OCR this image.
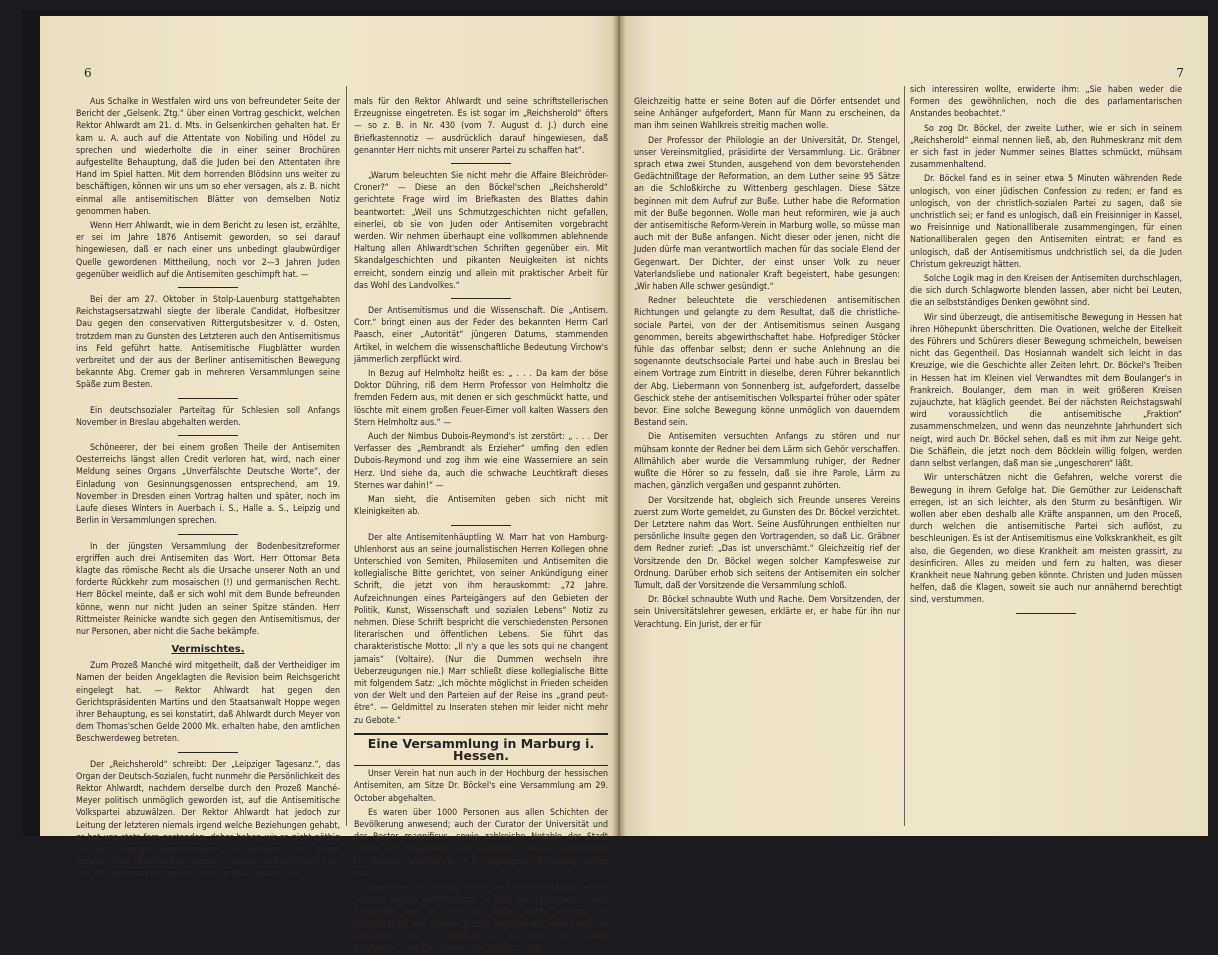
6

Aus Schalke in Westfalen wird uns von befreundeter Seite der Bericht der „Gelsenk. Ztg.“ über einen Vortrag geschickt, welchen Rektor Ahlwardt am 21. d. Mts. in Gelsenkirchen gehalten hat. Er kam u. A. auch auf die Attentate von Nobiling und Hödel zu sprechen und wiederholte die in einer seiner Brochüren aufgestellte Behauptung, daß die Juden bei den Attentaten ihre Hand im Spiel hatten. Mit dem horrenden Blödsinn uns weiter zu beschäftigen, können wir uns um so eher versagen, als z. B. nicht einmal alle antisemitischen Blätter von demselben Notiz genommen haben.

Wenn Herr Ahlwardt, wie in dem Bericht zu lesen ist, erzählte, er sei im Jahre 1876 Antisemit geworden, so sei darauf hingewiesen, daß er nach einer uns unbedingt glaubwürdiger Quelle gewordenen Mittheilung, noch vor 2—3 Jahren Juden gegenüber weidlich auf die Antisemiten geschimpft hat. —

Bei der am 27. Oktober in Stolp-Lauenburg stattgehabten Reichstagsersatzwahl siegte der liberale Candidat, Hofbesitzer Dau gegen den conservativen Rittergutsbesitzer v. d. Osten, trotzdem man zu Gunsten des Letzteren auch den Antisemitismus ins Feld geführt hatte. Antisemitische Flugblätter wurden verbreitet und der aus der Berliner antisemitischen Bewegung bekannte Abg. Cremer gab in mehreren Versammlungen seine Späße zum Besten.

Ein deutschsozialer Parteitag für Schlesien soll Anfangs November in Breslau abgehalten werden.

Schöneerer, der bei einem großen Theile der Antisemiten Oesterreichs längst allen Credit verloren hat, wird, nach einer Meldung seines Organs „Unverfälschte Deutsche Worte“, der Einladung von Gesinnungsgenossen entsprechend, am 19. November in Dresden einen Vortrag halten und später, noch im Laufe dieses Winters in Auerbach i. S., Halle a. S., Leipzig und Berlin in Versammlungen sprechen.

In der jüngsten Versammlung der Bodenbesitzreformer ergriffen auch drei Antisemiten das Wort. Herr Ottomar Beta klagte das römische Recht als die Ursache unserer Noth an und forderte Rückkehr zum mosaischen (!) und germanischen Recht. Herr Böckel meinte, daß er sich wohl mit dem Bunde befreunden könne, wenn nur nicht Juden an seiner Spitze ständen. Herr Rittmeister Reinicke wandte sich gegen den Antisemitismus, der nur Personen, aber nicht die Sache bekämpfe.

Vermischtes.

Zum Prozeß Manché wird mitgetheilt, daß der Vertheidiger im Namen der beiden Angeklagten die Revision beim Reichsgericht eingelegt hat. — Rektor Ahlwardt hat gegen den Gerichtspräsidenten Martins und den Staatsanwalt Hoppe wegen ihrer Behauptung, es sei konstatirt, daß Ahlwardt durch Meyer von dem Thomas'schen Gelde 2000 Mk. erhalten habe, den amtlichen Beschwerdeweg betreten.

Der „Reichsherold“ schreibt: Der „Leipziger Tagesanz.“, das Organ der Deutsch-Sozialen, fucht nunmehr die Persönlichkeit des Rektor Ahlwardt, nachdem derselbe durch den Prozeß Manché-Meyer politisch unmöglich geworden ist, auf die Antisemitische Volkspartei abzuwälzen. Der Rektor Ahlwardt hat jedoch zur Leitung der letzteren niemals irgend welche Beziehungen gehabt, er hat uns stets fern gestanden, daher haben wir es nicht nöthig wie der Leipziger Tagesanzeiger „mit Bedauern“ von dieser Persönlichkeit „Abschied zu nehmen“. Zumal der Reichsherold ist, was ihm von manchen seiner Leser verdacht wurde, nie-

mals für den Rektor Ahlwardt und seine schriftstellerischen Erzeugnisse eingetreten. Es ist sogar im „Reichsherold“ öfters — so z. B. in Nr. 430 (vom 7. August d. J.) durch eine Briefkastennotiz — ausdrücklich darauf hingewiesen, daß genannter Herr nichts mit unserer Partei zu schaffen hat“.

„Warum beleuchten Sie nicht mehr die Affaire Bleichröder-Croner?“ — Diese an den Böckel'schen „Reichsherold“ gerichtete Frage wird im Briefkasten des Blattes dahin beantwortet: „Weil uns Schmutzgeschichten nicht gefallen, einerlei, ob sie von Juden oder Antisemiten vorgebracht werden. Wir nehmen überhaupt eine vollkommen ablehnende Haltung allen Ahlwardt'schen Schriften gegenüber ein. Mit Skandalgeschichten und pikanten Neuigkeiten ist nichts erreicht, sondern einzig und allein mit praktischer Arbeit für das Wohl des Landvolkes.“

Der Antisemitismus und die Wissenschaft. Die „Antisem. Corr.“ bringt einen aus der Feder des bekannten Herrn Carl Paasch, einer „Autorität“ jüngeren Datums, stammenden Artikel, in welchem die wissenschaftliche Bedeutung Virchow's jämmerlich zerpflückt wird.

In Bezug auf Helmholtz heißt es: „ . . . Da kam der böse Doktor Dühring, riß dem Herrn Professor von Helmholtz die fremden Federn aus, mit denen er sich geschmückt hatte, und löschte mit einem großen Feuer-Eimer voll kalten Wassers den Stern Helmholtz aus.“ —

Auch der Nimbus Dubois-Reymond's ist zerstört: „ . . . Der Verfasser des „Rembrandt als Erzieher“ umfing den edlen Dubois-Reymond und zog ihm wie eine Wasserniere an sein Herz. Und siehe da, auch die schwache Leuchtkraft dieses Sternes war dahin!“ —

Man sieht, die Antisemiten geben sich nicht mit Kleinigkeiten ab.

Der alte Antisemitenhäuptling W. Marr hat von Hamburg-Uhlenhorst aus an seine journalistischen Herren Kollegen ohne Unterschied von Semiten, Philosemiten und Antisemiten die kollegialische Bitte gerichtet, von seiner Ankündigung einer Schrift, die jetzt von ihm herauskommt: „72 Jahre. Aufzeichnungen eines Parteigängers auf den Gebieten der Politik, Kunst, Wissenschaft und sozialen Lebens“ Notiz zu nehmen. Diese Schrift bespricht die verschiedensten Personen literarischen und öffentlichen Lebens. Sie führt das charakteristische Motto: „Il n'y a que les sots qui ne changent jamais“ (Voltaire). (Nur die Dummen wechseln ihre Ueberzeugungen nie.) Marr schließt diese kollegialische Bitte mit folgendem Satz: „Ich möchte möglichst in Frieden scheiden von der Welt und den Parteien auf der Reise ins „grand peut-être“. — Geldmittel zu Inseraten stehen mir leider nicht mehr zu Gebote.“

Eine Versammlung in Marburg i. Hessen.

Unser Verein hat nun auch in der Hochburg der hessischen Antisemiten, am Sitze Dr. Böckel's eine Versammlung am 29. October abgehalten.

Es waren über 1000 Personen aus allen Schichten der Bevölkerung anwesend; auch der Curator der Universität und der Rector magnificus, sowie zahlreiche Notable der Stadt hatten sich eingefunden und begrüßten unseren Schriftführer Lic. Gräbner, welcher der an ihn ergangenen Einladung gefolgt war.

Kaum war am Sonntag vorher die Bekanntmachung Seitens unseres Vereins veröffentlicht, so hielt die Gegenpartei einen Kriegsrath, was zu thun. Dr. Böckel wollte anfangs der Versammlung fern bleiben, jedoch zwangen ihn seine Leute, an derselben Theil zu nehmen; er rief aber noch seinen Adjutanten, den Abg. Werner aus Kassel zu Hilfe.

7

Gleichzeitig hatte er seine Boten auf die Dörfer entsendet und seine Anhänger aufgefordert, Mann für Mann zu erscheinen, da man ihm seinen Wahlkreis streitig machen wolle.

Der Professor der Philologie an der Universität, Dr. Stengel, unser Vereinsmitglied, präsidirte der Versammlung. Lic. Gräbner sprach etwa zwei Stunden, ausgehend von dem bevorstehenden Gedächtnißtage der Reformation, an dem Luther seine 95 Sätze an die Schloßkirche zu Wittenberg geschlagen. Diese Sätze beginnen mit dem Aufruf zur Buße. Luther habe die Reformation mit der Buße begonnen. Wolle man heut reformiren, wie ja auch der antisemitische Reform-Verein in Marburg wolle, so müsse man auch mit der Buße anfangen. Nicht dieser oder jenen, nicht die Juden dürfe man verantwortlich machen für das sociale Elend der Gegenwart. Der Dichter, der einst unser Volk zu neuer Vaterlandsliebe und nationaler Kraft begeistert, habe gesungen: „Wir haben Alle schwer gesündigt.“

Redner beleuchtete die verschiedenen antisemitischen Richtungen und gelangte zu dem Resultat, daß die christliche-sociale Partei, von der der Antisemitismus seinen Ausgang genommen, bereits abgewirthschaftet habe. Hofprediger Stöcker fühle das offenbar selbst; denn er suche Anlehnung an die sogenannte deutschsociale Partei und habe auch in Breslau bei einem Vortrage zum Eintritt in dieselbe, deren Führer bekanntlich der Abg. Liebermann von Sonnenberg ist, aufgefordert, dasselbe Geschick stehe der antisemitischen Volkspartei früher oder später bevor. Eine solche Bewegung könne unmöglich von dauerndem Bestand sein.

Die Antisemiten versuchten Anfangs zu stören und nur mühsam konnte der Redner bei dem Lärm sich Gehör verschaffen. Allmählich aber wurde die Versammlung ruhiger, der Redner wußte die Hörer so zu fesseln, daß sie ihre Parole, Lärm zu machen, gänzlich vergaßen und gespannt zuhörten.

Der Vorsitzende hat, obgleich sich Freunde unseres Vereins zuerst zum Worte gemeldet, zu Gunsten des Dr. Böckel verzichtet. Der Letztere nahm das Wort. Seine Ausführungen enthielten nur persönliche Insulte gegen den Vortragenden, so daß Lic. Gräbner dem Redner zurief: „Das ist unverschämt.“ Gleichzeitig rief der Vorsitzende den Dr. Böckel wegen solcher Kampfesweise zur Ordnung. Darüber erhob sich seitens der Antisemiten ein solcher Tumult, daß der Vorsitzende die Versammlung schloß.

Dr. Böckel schnaubte Wuth und Rache. Dem Vorsitzenden, der sein Universitätslehrer gewesen, erklärte er, er habe für ihn nur Verachtung. Ein Jurist, der er für

sich interessiren wollte, erwiderte ihm: „Sie haben weder die Formen des gewöhnlichen, noch die des parlamentarischen Anstandes beobachtet.“

So zog Dr. Böckel, der zweite Luther, wie er sich in seinem „Reichsherold“ einmal nennen ließ, ab, den Ruhmeskranz mit dem er sich fast in jeder Nummer seines Blattes schmückt, mühsam zusammenhaltend.

Dr. Böckel fand es in seiner etwa 5 Minuten währenden Rede unlogisch, von einer jüdischen Confession zu reden; er fand es unlogisch, von der christlich-sozialen Partei zu sagen, daß sie unchristlich sei; er fand es unlogisch, daß ein Freisinniger in Kassel, wo Freisinnige und Nationalliberale zusammengingen, für einen Nationalliberalen gegen den Antisemiten eintrat; er fand es unlogisch, daß der Antisemitismus undchristlich sei, da die Juden Christum gekreuzigt hätten.

Solche Logik mag in den Kreisen der Antisemiten durchschlagen, die sich durch Schlagworte blenden lassen, aber nicht bei Leuten, die an selbstständiges Denken gewöhnt sind.

Wir sind überzeugt, die antisemitische Bewegung in Hessen hat ihren Höhepunkt überschritten. Die Ovationen, welche der Eitelkeit des Führers und Schürers dieser Bewegung schmeicheln, beweisen nicht das Gegentheil. Das Hosiannah wandelt sich leicht in das Kreuzige, wie die Geschichte aller Zeiten lehrt. Dr. Böckel's Treiben in Hessen hat im Kleinen viel Verwandtes mit dem Boulanger's in Frankreich. Boulanger, dem man in weit größeren Kreisen zujauchzte, hat kläglich geendet. Bei der nächsten Reichstagswahl wird voraussichtlich die antisemitische „Fraktion“ zusammenschmelzen, und wenn das neunzehnte Jahrhundert sich neigt, wird auch Dr. Böckel sehen, daß es mit ihm zur Neige geht. Die Schäflein, die jetzt noch dem Böcklein willig folgen, werden dann selbst verlangen, daß man sie „ungeschoren“ läßt.

Wir unterschätzen nicht die Gefahren, welche vorerst die Bewegung in ihrem Gefolge hat. Die Gemüther zur Leidenschaft erregen, ist an sich leichter, als den Sturm zu besänftigen. Wir wollen aber eben deshalb alle Kräfte anspannen, um den Proceß, durch welchen die antisemitische Partei sich auflöst, zu beschleunigen. Es ist der Antisemitismus eine Volkskrankheit, es gilt also, die Gegenden, wo diese Krankheit am meisten grassirt, zu desinficiren. Alles zu meiden und fern zu halten, was dieser Krankheit neue Nahrung geben könnte. Christen und Juden müssen helfen, daß die Klagen, soweit sie auch nur annähernd berechtigt sind, verstummen.
